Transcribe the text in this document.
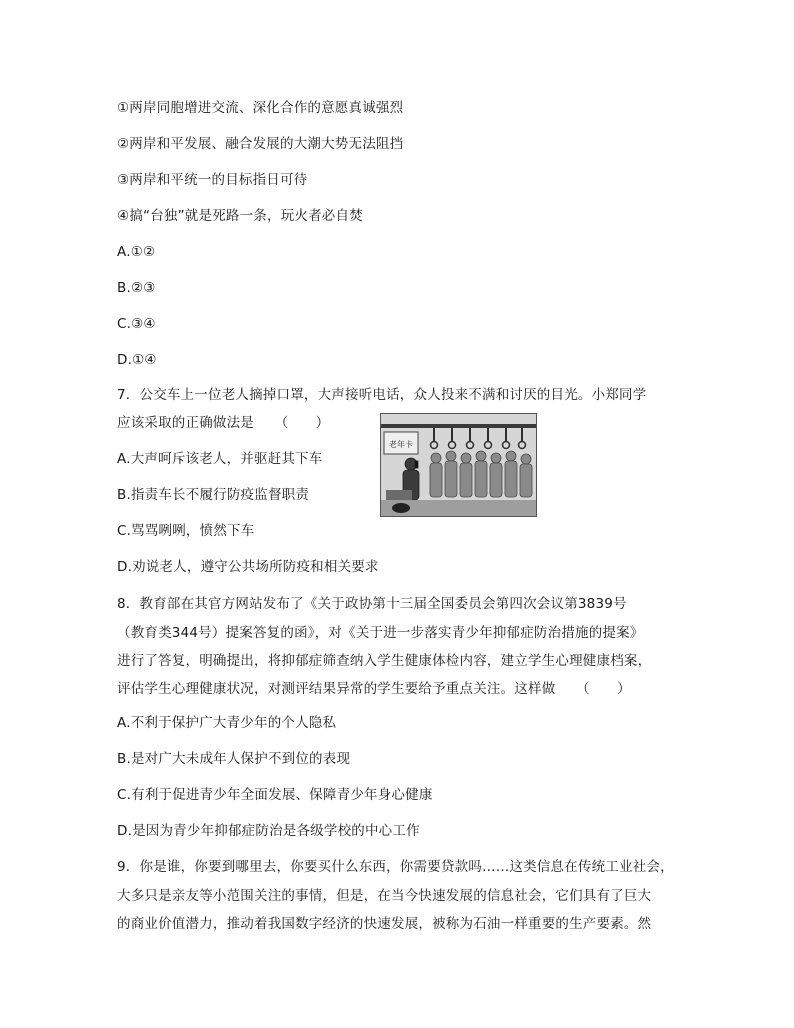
①两岸同胞增进交流、深化合作的意愿真诚强烈
②两岸和平发展、融合发展的大潮大势无法阻挡
③两岸和平统一的目标指日可待
④搞“台独”就是死路一条，玩火者必自焚
A.①②
B.②③
C.③④
D.①④
7．公交车上一位老人摘掉口罩，大声接听电话，众人投来不满和讨厌的目光。小郑同学
应该采取的正确做法是　　（　　）
A.大声呵斥该老人，并驱赶其下车
B.指责车长不履行防疫监督职责
C.骂骂咧咧，愤然下车
D.劝说老人，遵守公共场所防疫和相关要求
8．教育部在其官方网站发布了《关于政协第十三届全国委员会第四次会议第3839号
（教育类344号）提案答复的函》，对《关于进一步落实青少年抑郁症防治措施的提案》
进行了答复，明确提出，将抑郁症筛查纳入学生健康体检内容，建立学生心理健康档案，
评估学生心理健康状况，对测评结果异常的学生要给予重点关注。这样做　　（　　）
A.不利于保护广大青少年的个人隐私
B.是对广大未成年人保护不到位的表现
C.有利于促进青少年全面发展、保障青少年身心健康
D.是因为青少年抑郁症防治是各级学校的中心工作
9．你是谁，你要到哪里去，你要买什么东西，你需要贷款吗……这类信息在传统工业社会，
大多只是亲友等小范围关注的事情，但是，在当今快速发展的信息社会，它们具有了巨大
的商业价值潜力，推动着我国数字经济的快速发展，被称为石油一样重要的生产要素。然
老年卡
